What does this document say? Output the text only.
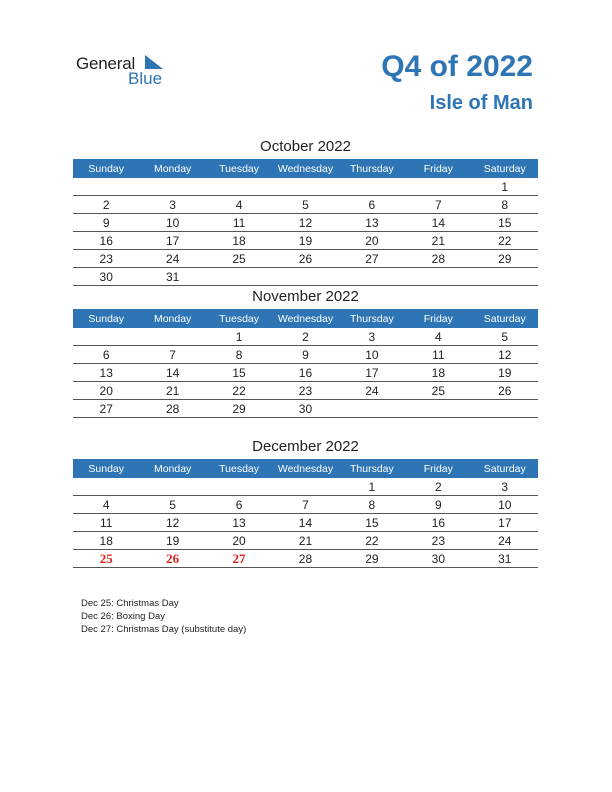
General
Blue	Q4 of 2022
Isle of Man
October 2022
Sunday	Monday	Tuesday	Wednesday	Thursday	Friday	Saturday
						1
2	3	4	5	6	7	8
9	10	11	12	13	14	15
16	17	18	19	20	21	22
23	24	25	26	27	28	29
30	31					
November 2022
Sunday	Monday	Tuesday	Wednesday	Thursday	Friday	Saturday
		1	2	3	4	5
6	7	8	9	10	11	12
13	14	15	16	17	18	19
20	21	22	23	24	25	26
27	28	29	30			
December 2022
Sunday	Monday	Tuesday	Wednesday	Thursday	Friday	Saturday
				1	2	3
4	5	6	7	8	9	10
11	12	13	14	15	16	17
18	19	20	21	22	23	24
25	26	27	28	29	30	31
Dec 25: Christmas Day
Dec 26: Boxing Day
Dec 27: Christmas Day (substitute day)
